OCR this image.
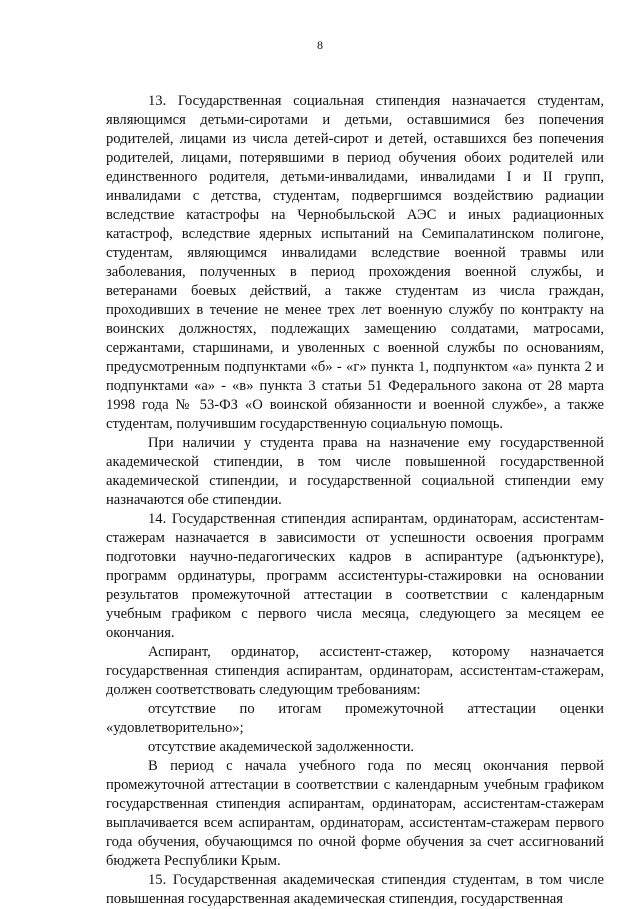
8

13. Государственная социальная стипендия назначается студентам, являющимся детьми-сиротами и детьми, оставшимися без попечения родителей, лицами из числа детей-сирот и детей, оставшихся без попечения родителей, лицами, потерявшими в период обучения обоих родителей или единственного родителя, детьми-инвалидами, инвалидами I и II групп, инвалидами с детства, студентам, подвергшимся воздействию радиации вследствие катастрофы на Чернобыльской АЭС и иных радиационных катастроф, вследствие ядерных испытаний на Семипалатинском полигоне, студентам, являющимся инвалидами вследствие военной травмы или заболевания, полученных в период прохождения военной службы, и ветеранами боевых действий, а также студентам из числа граждан, проходивших в течение не менее трех лет военную службу по контракту на воинских должностях, подлежащих замещению солдатами, матросами, сержантами, старшинами, и уволенных с военной службы по основаниям, предусмотренным подпунктами «б» - «г» пункта 1, подпунктом «а» пункта 2 и подпунктами «а» - «в» пункта 3 статьи 51 Федерального закона от 28 марта 1998 года № 53-ФЗ «О воинской обязанности и военной службе», а также студентам, получившим государственную социальную помощь.

При наличии у студента права на назначение ему государственной академической стипендии, в том числе повышенной государственной академической стипендии, и государственной социальной стипендии ему назначаются обе стипендии.

14. Государственная стипендия аспирантам, ординаторам, ассистентам-стажерам назначается в зависимости от успешности освоения программ подготовки научно-педагогических кадров в аспирантуре (адъюнктуре), программ ординатуры, программ ассистентуры-стажировки на основании результатов промежуточной аттестации в соответствии с календарным учебным графиком с первого числа месяца, следующего за месяцем ее окончания.

Аспирант, ординатор, ассистент-стажер, которому назначается государственная стипендия аспирантам, ординаторам, ассистентам-стажерам, должен соответствовать следующим требованиям:

отсутствие по итогам промежуточной аттестации оценки «удовлетворительно»;

отсутствие академической задолженности.

В период с начала учебного года по месяц окончания первой промежуточной аттестации в соответствии с календарным учебным графиком государственная стипендия аспирантам, ординаторам, ассистентам-стажерам выплачивается всем аспирантам, ординаторам, ассистентам-стажерам первого года обучения, обучающимся по очной форме обучения за счет ассигнований бюджета Республики Крым.

15. Государственная академическая стипендия студентам, в том числе повышенная государственная академическая стипендия, государственная
